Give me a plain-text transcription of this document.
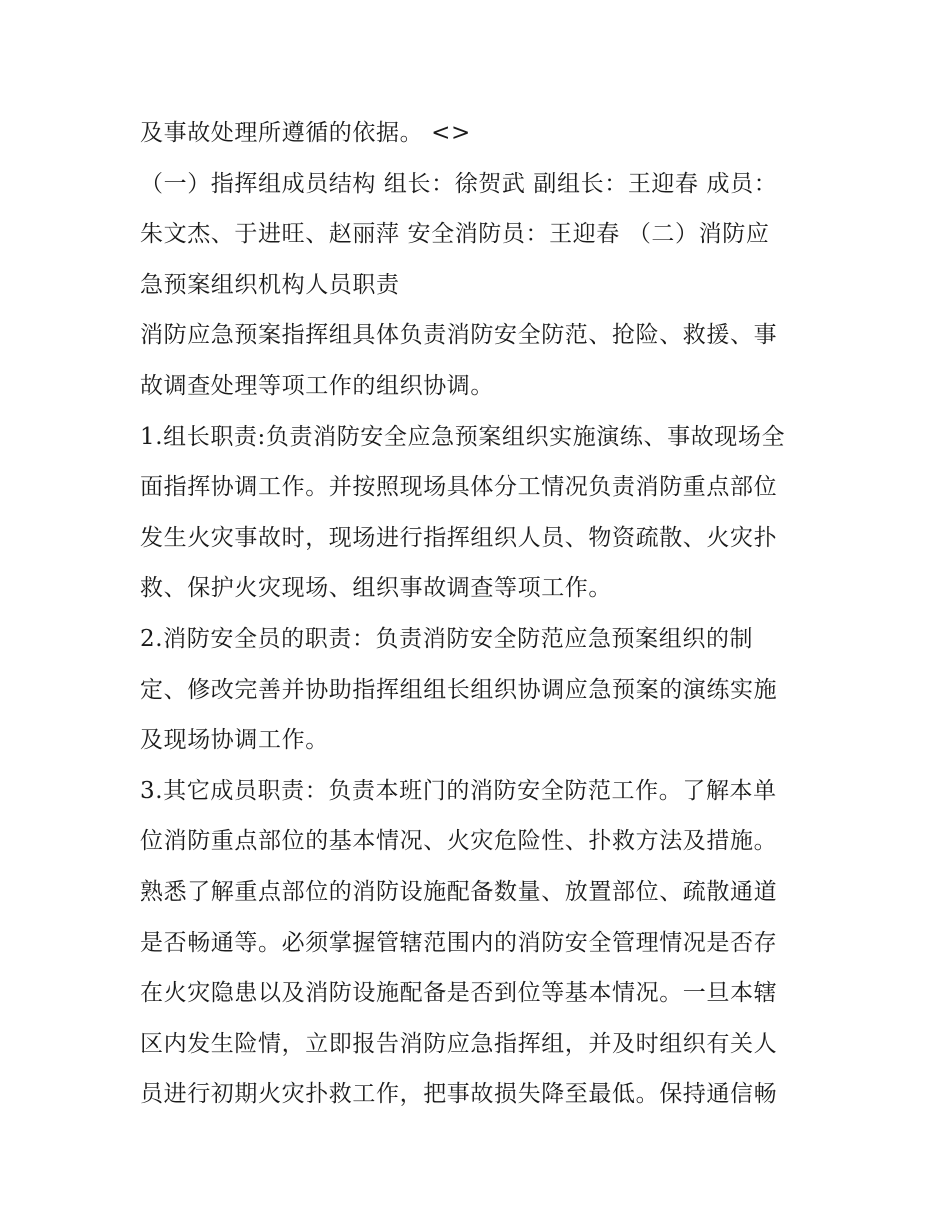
及事故处理所遵循的依据。 <>
（一）指挥组成员结构 组长：徐贺武 副组长：王迎春 成员：
朱文杰、于进旺、赵丽萍 安全消防员：王迎春 （二）消防应
急预案组织机构人员职责
消防应急预案指挥组具体负责消防安全防范、抢险、救援、事
故调查处理等项工作的组织协调。
1.组长职责:负责消防安全应急预案组织实施演练、事故现场全
面指挥协调工作。并按照现场具体分工情况负责消防重点部位
发生火灾事故时，现场进行指挥组织人员、物资疏散、火灾扑
救、保护火灾现场、组织事故调查等项工作。
2.消防安全员的职责：负责消防安全防范应急预案组织的制
定、修改完善并协助指挥组组长组织协调应急预案的演练实施
及现场协调工作。
3.其它成员职责：负责本班门的消防安全防范工作。了解本单
位消防重点部位的基本情况、火灾危险性、扑救方法及措施。
熟悉了解重点部位的消防设施配备数量、放置部位、疏散通道
是否畅通等。必须掌握管辖范围内的消防安全管理情况是否存
在火灾隐患以及消防设施配备是否到位等基本情况。一旦本辖
区内发生险情，立即报告消防应急指挥组，并及时组织有关人
员进行初期火灾扑救工作，把事故损失降至最低。保持通信畅
